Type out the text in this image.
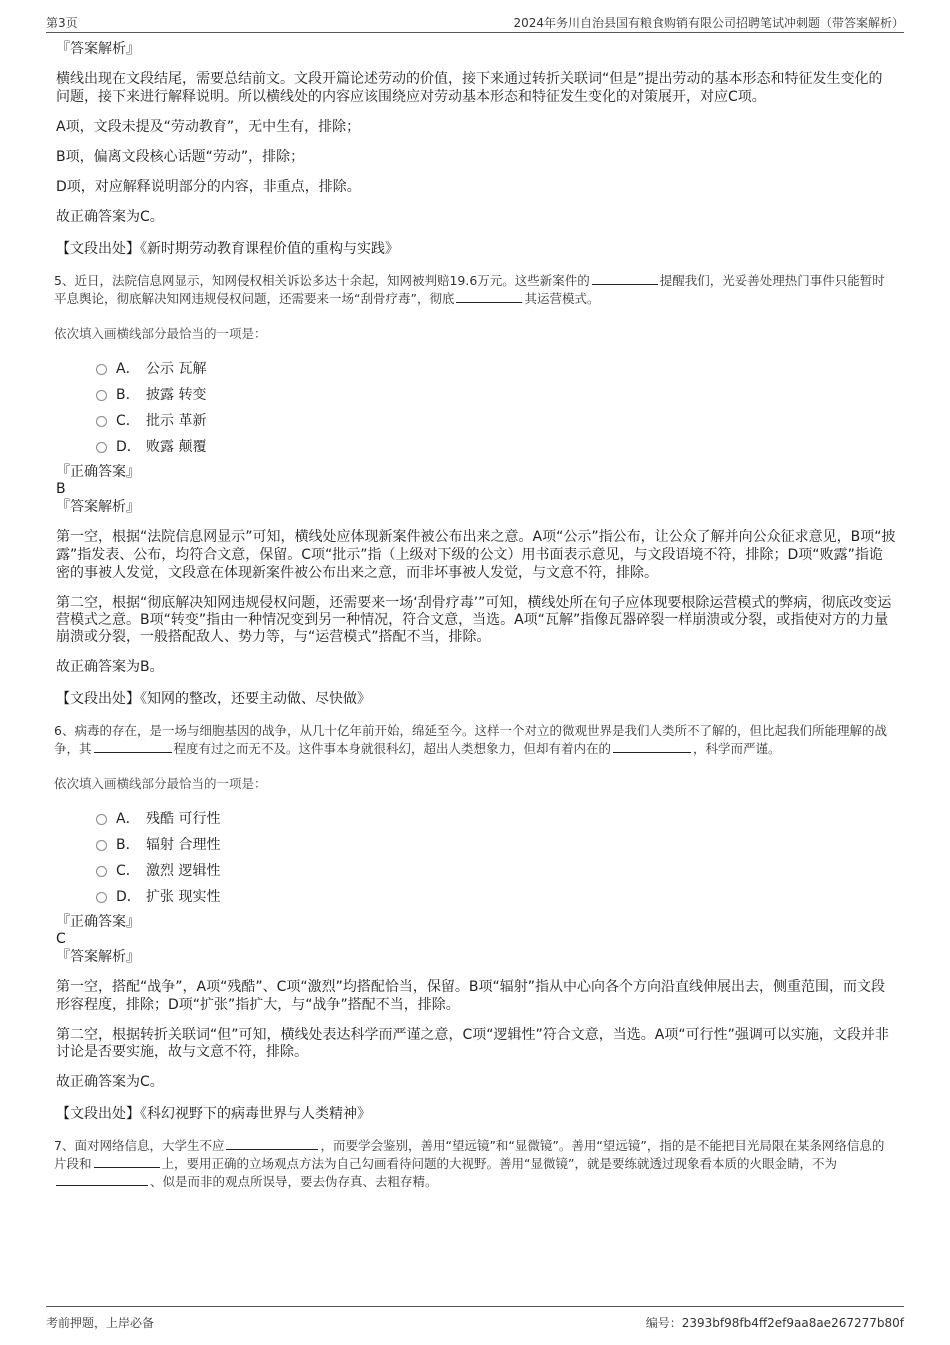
第3页	2024年务川自治县国有粮食购销有限公司招聘笔试冲刺题（带答案解析）
『答案解析』
横线出现在文段结尾，需要总结前文。文段开篇论述劳动的价值，接下来通过转折关联词“但是”提出劳动的基本形态和特征发生变化的问题，接下来进行解释说明。所以横线处的内容应该围绕应对劳动基本形态和特征发生变化的对策展开，对应C项。
A项，文段未提及“劳动教育”，无中生有，排除；
B项，偏离文段核心话题“劳动”，排除；
D项，对应解释说明部分的内容，非重点，排除。
故正确答案为C。
【文段出处】《新时期劳动教育课程价值的重构与实践》
5、近日，法院信息网显示，知网侵权相关诉讼多达十余起，知网被判赔19.6万元。这些新案件的	提醒我们，光妥善处理热门事件只能暂时平息舆论，彻底解决知网违规侵权问题，还需要来一场“刮骨疗毒”，彻底	其运营模式。
依次填入画横线部分最恰当的一项是：
A． 公示 瓦解
B． 披露 转变
C． 批示 革新
D． 败露 颠覆
『正确答案』
B
『答案解析』
第一空，根据“法院信息网显示”可知，横线处应体现新案件被公布出来之意。A项“公示”指公布，让公众了解并向公众征求意见，B项“披露”指发表、公布，均符合文意，保留。C项“批示”指（上级对下级的公文）用书面表示意见，与文段语境不符，排除；D项“败露”指诡密的事被人发觉，文段意在体现新案件被公布出来之意，而非坏事被人发觉，与文意不符，排除。
第二空，根据“彻底解决知网违规侵权问题，还需要来一场‘刮骨疗毒’”可知，横线处所在句子应体现要根除运营模式的弊病，彻底改变运营模式之意。B项“转变”指由一种情况变到另一种情况，符合文意，当选。A项“瓦解”指像瓦器碎裂一样崩溃或分裂，或指使对方的力量崩溃或分裂，一般搭配敌人、势力等，与“运营模式”搭配不当，排除。
故正确答案为B。
【文段出处】《知网的整改，还要主动做、尽快做》
6、病毒的存在，是一场与细胞基因的战争，从几十亿年前开始，绵延至今。这样一个对立的微观世界是我们人类所不了解的，但比起我们所能理解的战争，其	程度有过之而无不及。这件事本身就很科幻，超出人类想象力，但却有着内在的	，科学而严谨。
依次填入画横线部分最恰当的一项是：
A． 残酷 可行性
B． 辐射 合理性
C． 激烈 逻辑性
D． 扩张 现实性
『正确答案』
C
『答案解析』
第一空，搭配“战争”，A项“残酷”、C项“激烈”均搭配恰当，保留。B项“辐射”指从中心向各个方向沿直线伸展出去，侧重范围，而文段形容程度，排除；D项“扩张”指扩大，与“战争”搭配不当，排除。
第二空，根据转折关联词“但”可知，横线处表达科学而严谨之意，C项“逻辑性”符合文意，当选。A项“可行性”强调可以实施，文段并非讨论是否要实施，故与文意不符，排除。
故正确答案为C。
【文段出处】《科幻视野下的病毒世界与人类精神》
7、面对网络信息，大学生不应	，而要学会鉴别，善用“望远镜”和“显微镜”。善用“望远镜”，指的是不能把目光局限在某条网络信息的片段和	上，要用正确的立场观点方法为自己勾画看待问题的大视野。善用“显微镜”，就是要练就透过现象看本质的火眼金睛，不为、似是而非的观点所误导，要去伪存真、去粗存精。
考前押题，上岸必备	编号：2393bf98fb4ff2ef9aa8ae267277b80f
